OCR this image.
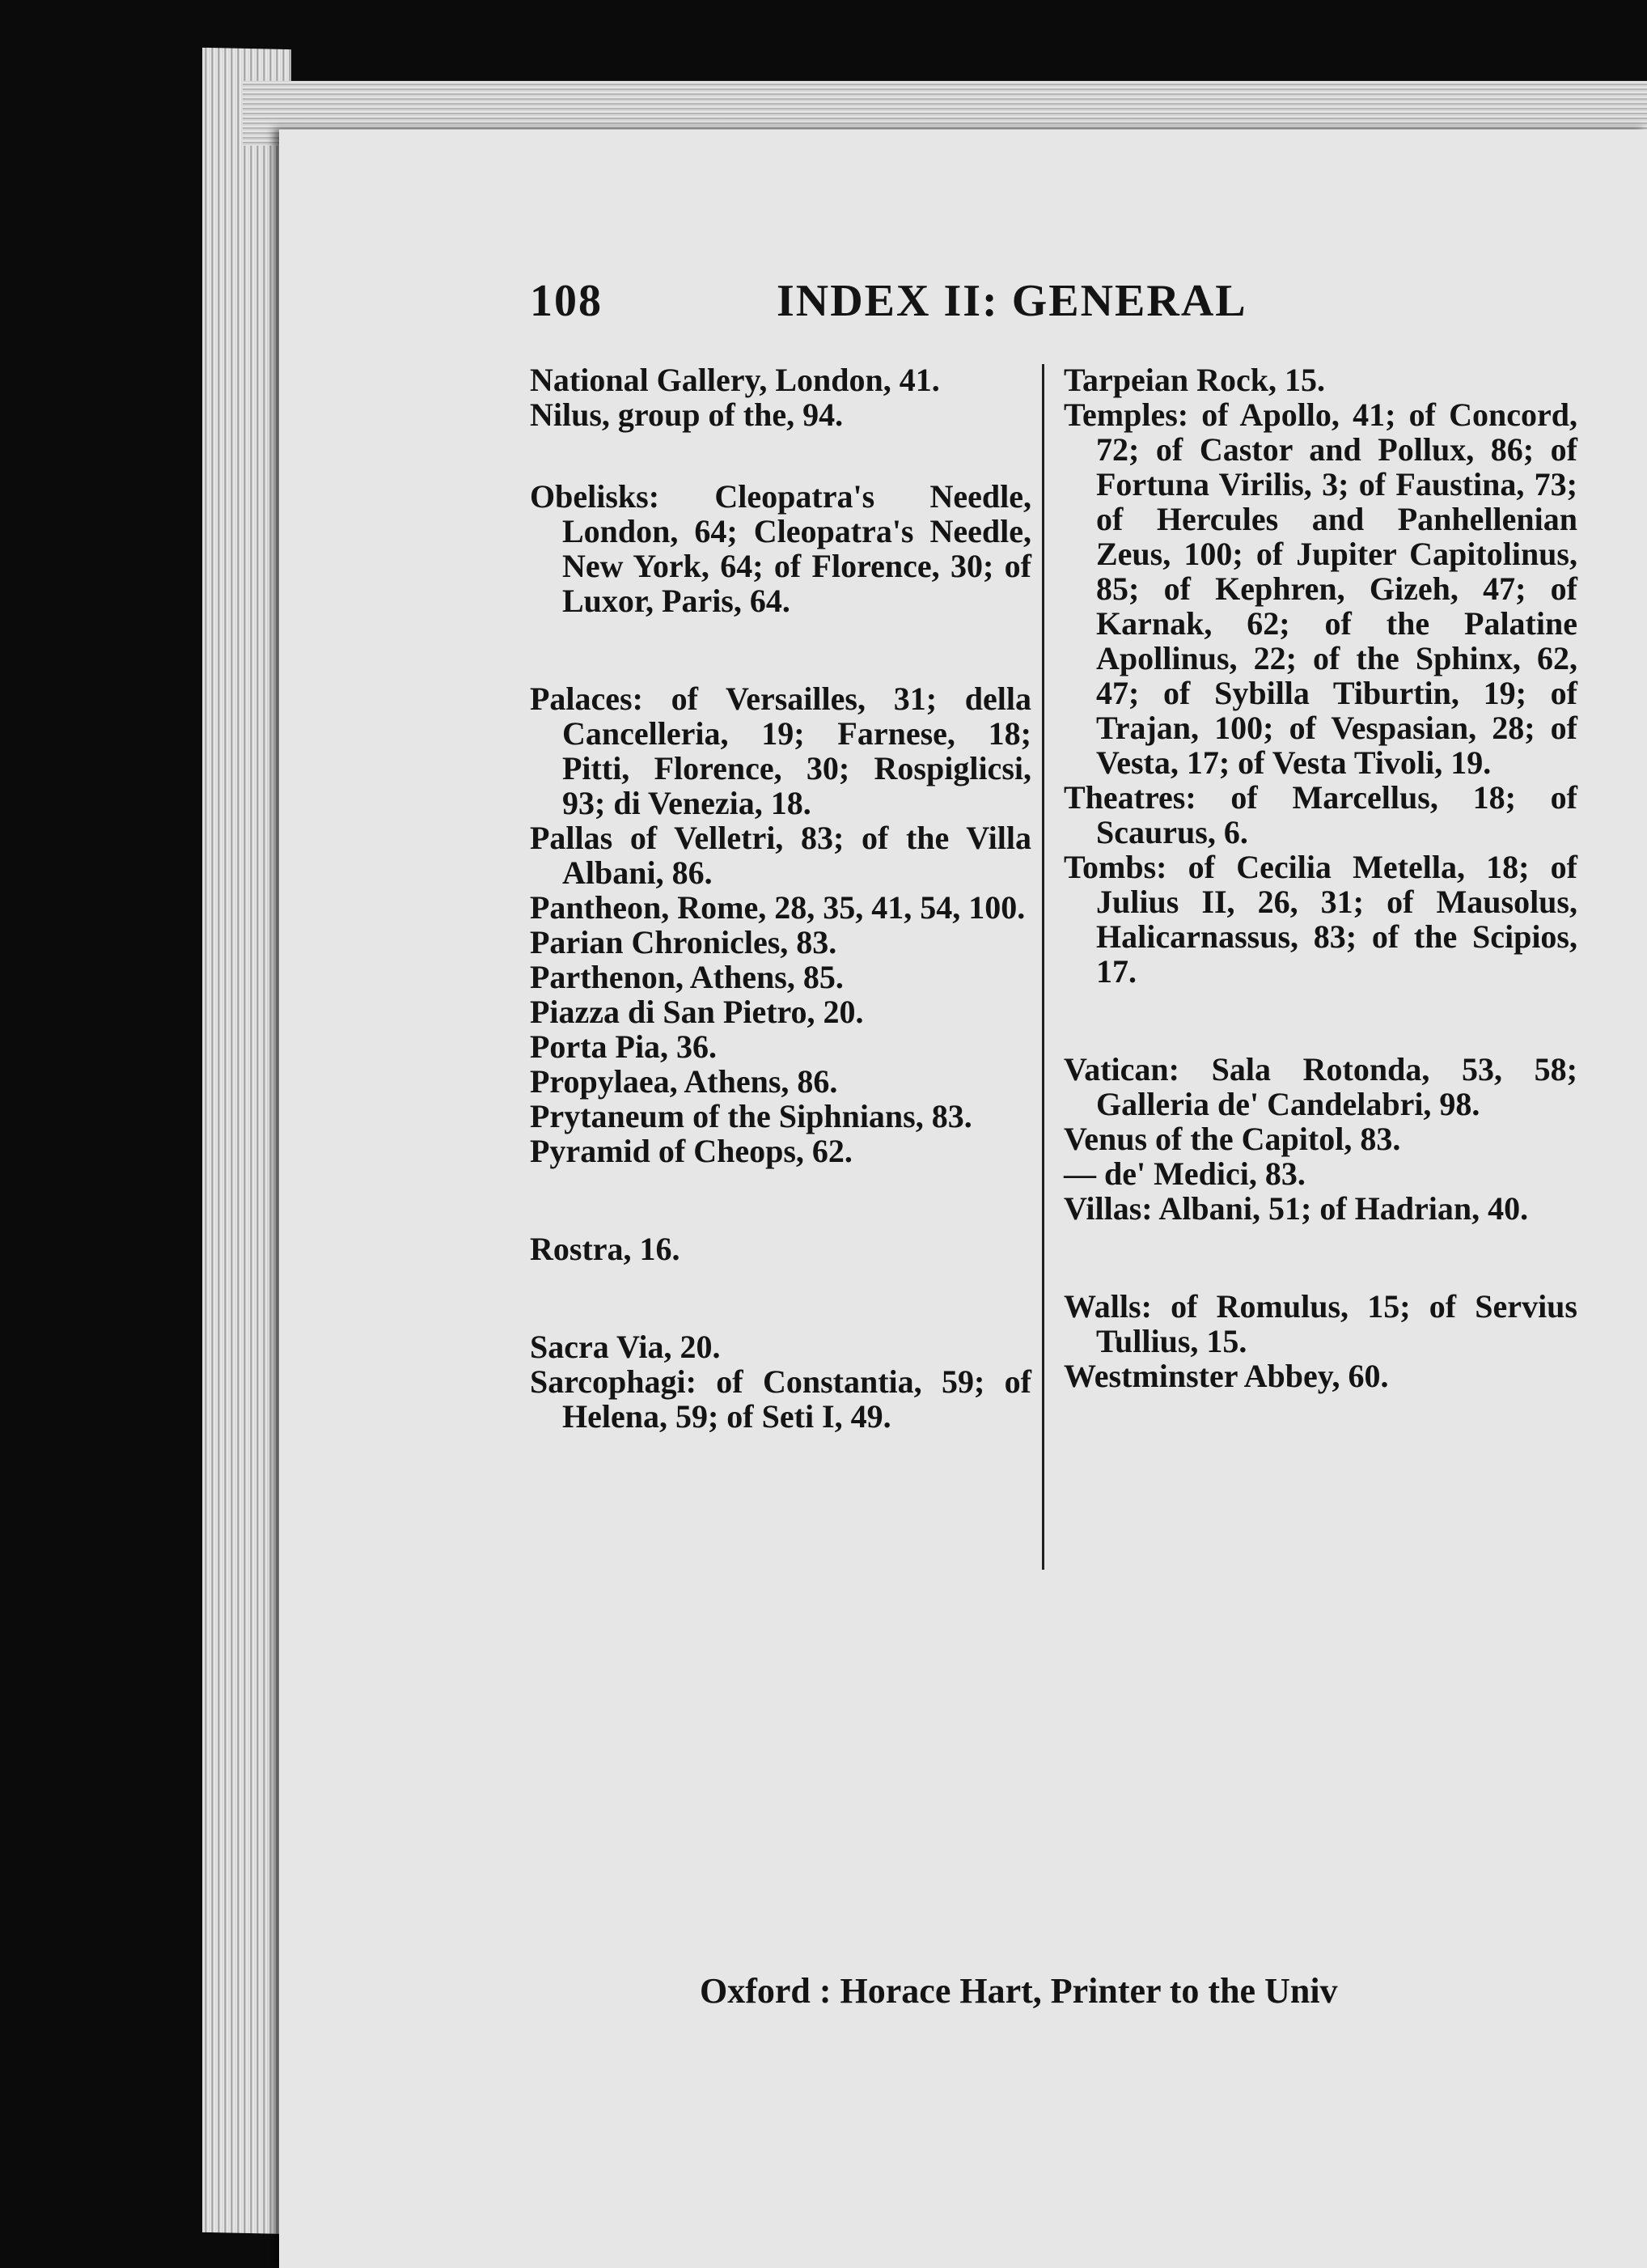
108	INDEX II: GENERAL

National Gallery, London, 41.

Nilus, group of the, 94.

Obelisks: Cleopatra's Needle, London, 64; Cleopatra's Needle, New York, 64; of Florence, 30; of Luxor, Paris, 64.

Palaces: of Versailles, 31; della Cancelleria, 19; Farnese, 18; Pitti, Florence, 30; Rospiglicsi, 93; di Venezia, 18.

Pallas of Velletri, 83; of the Villa Albani, 86.

Pantheon, Rome, 28, 35, 41, 54, 100.

Parian Chronicles, 83.

Parthenon, Athens, 85.

Piazza di San Pietro, 20.

Porta Pia, 36.

Propylaea, Athens, 86.

Prytaneum of the Siphnians, 83.

Pyramid of Cheops, 62.

Rostra, 16.

Sacra Via, 20.

Sarcophagi: of Constantia, 59; of Helena, 59; of Seti I, 49.

Tarpeian Rock, 15.

Temples: of Apollo, 41; of Concord, 72; of Castor and Pollux, 86; of Fortuna Virilis, 3; of Faustina, 73; of Hercules and Panhellenian Zeus, 100; of Jupiter Capitolinus, 85; of Kephren, Gizeh, 47; of Karnak, 62; of the Palatine Apollinus, 22; of the Sphinx, 62, 47; of Sybilla Tiburtin, 19; of Trajan, 100; of Vespasian, 28; of Vesta, 17; of Vesta Tivoli, 19.

Theatres: of Marcellus, 18; of Scaurus, 6.

Tombs: of Cecilia Metella, 18; of Julius II, 26, 31; of Mausolus, Halicarnassus, 83; of the Scipios, 17.

Vatican: Sala Rotonda, 53, 58; Galleria de' Candelabri, 98.

Venus of the Capitol, 83.

— de' Medici, 83.

Villas: Albani, 51; of Hadrian, 40.

Walls: of Romulus, 15; of Servius Tullius, 15.

Westminster Abbey, 60.

Oxford : Horace Hart, Printer to the Univ
